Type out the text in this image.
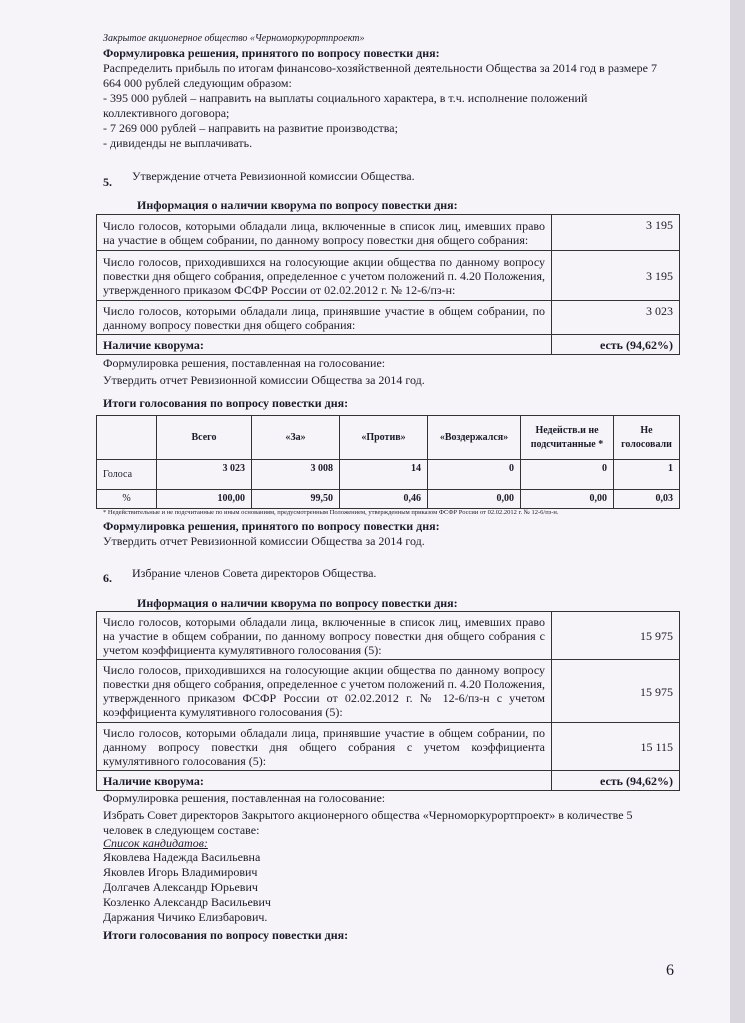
Закрытое акционерное общество «Черноморкурортпроект»
Формулировка решения, принятого по вопросу повестки дня:
Распределить прибыль по итогам финансово-хозяйственной деятельности Общества за 2014 год в размере 7
664 000 рублей следующим образом:
- 395 000 рублей – направить на выплаты социального характера, в т.ч. исполнение положений
коллективного договора;
- 7 269 000 рублей – направить на развитие производства;
- дивиденды не выплачивать.
5. Утверждение отчета Ревизионной комиссии Общества.
Информация о наличии кворума по вопросу повестки дня:
Число голосов, которыми обладали лица, включенные в список лиц, имевших право на участие в общем собрании, по данному вопросу повестки дня общего собрания:	3 195
Число голосов, приходившихся на голосующие акции общества по данному вопросу повестки дня общего собрания, определенное с учетом положений п. 4.20 Положения, утвержденного приказом ФСФР России от 02.02.2012 г. № 12-6/пз-н:	3 195
Число голосов, которыми обладали лица, принявшие участие в общем собрании, по данному вопросу повестки дня общего собрания:	3 023
Наличие кворума:	есть (94,62%)
Формулировка решения, поставленная на голосование:
Утвердить отчет Ревизионной комиссии Общества за 2014 год.
Итоги голосования по вопросу повестки дня:
	Всего	«За»	«Против»	«Воздержался»	Недейств.и не подсчитанные *	Не голосовали
Голоса	3 023	3 008	14	0	0	1
%	100,00	99,50	0,46	0,00	0,00	0,03
* Недействительные и не подсчитанные по иным основаниям, предусмотренным Положением, утвержденным приказом ФСФР России от 02.02.2012 г. № 12-6/пз-н.
Формулировка решения, принятого по вопросу повестки дня:
Утвердить отчет Ревизионной комиссии Общества за 2014 год.
6. Избрание членов Совета директоров Общества.
Информация о наличии кворума по вопросу повестки дня:
Число голосов, которыми обладали лица, включенные в список лиц, имевших право на участие в общем собрании, по данному вопросу повестки дня общего собрания с учетом коэффициента кумулятивного голосования (5):	15 975
Число голосов, приходившихся на голосующие акции общества по данному вопросу повестки дня общего собрания, определенное с учетом положений п. 4.20 Положения, утвержденного приказом ФСФР России от 02.02.2012 г. № 12-6/пз-н с учетом коэффициента кумулятивного голосования (5):	15 975
Число голосов, которыми обладали лица, принявшие участие в общем собрании, по данному вопросу повестки дня общего собрания с учетом коэффициента кумулятивного голосования (5):	15 115
Наличие кворума:	есть (94,62%)
Формулировка решения, поставленная на голосование:
Избрать Совет директоров Закрытого акционерного общества «Черноморкурортпроект» в количестве 5
человек в следующем составе:
Список кандидатов:
Яковлева Надежда Васильевна
Яковлев Игорь Владимирович
Долгачев Александр Юрьевич
Козленко Александр Васильевич
Даржания Чичико Елизбарович.
Итоги голосования по вопросу повестки дня:
6
